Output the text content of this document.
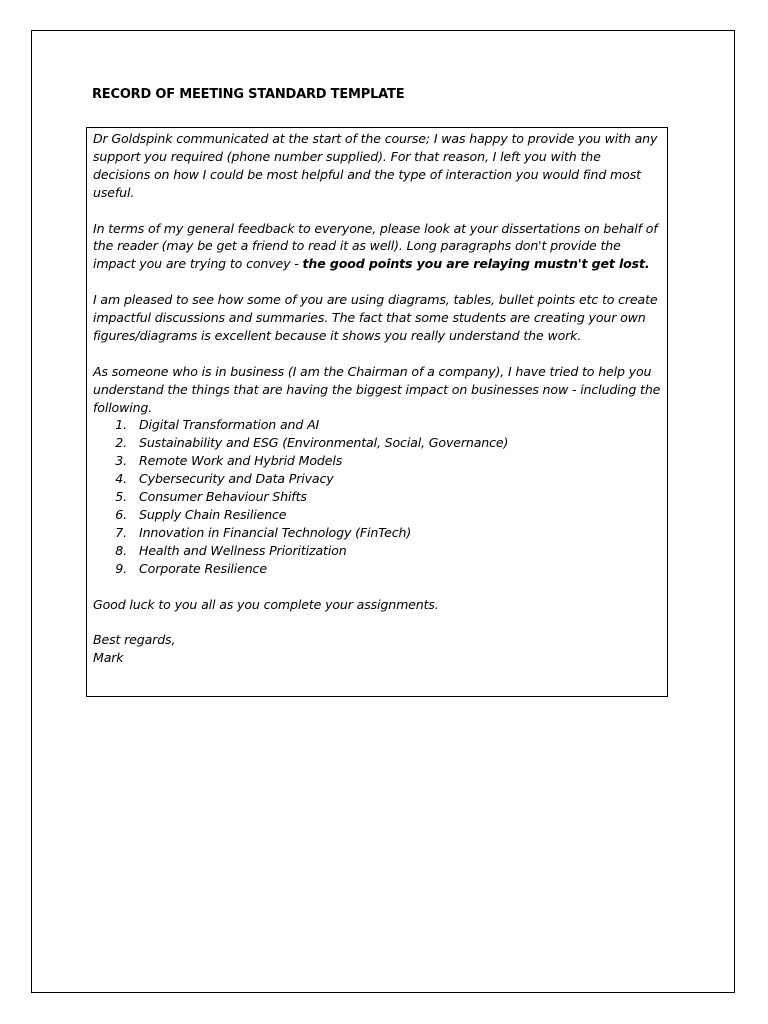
RECORD OF MEETING STANDARD TEMPLATE

Dr Goldspink communicated at the start of the course; I was happy to provide you with any support you required (phone number supplied). For that reason, I left you with the decisions on how I could be most helpful and the type of interaction you would find most useful.

In terms of my general feedback to everyone, please look at your dissertations on behalf of the reader (may be get a friend to read it as well). Long paragraphs don't provide the impact you are trying to convey - the good points you are relaying mustn't get lost.

I am pleased to see how some of you are using diagrams, tables, bullet points etc to create impactful discussions and summaries. The fact that some students are creating your own figures/diagrams is excellent because it shows you really understand the work.

As someone who is in business (I am the Chairman of a company), I have tried to help you understand the things that are having the biggest impact on businesses now - including the following.

1. Digital Transformation and AI
2. Sustainability and ESG (Environmental, Social, Governance)
3. Remote Work and Hybrid Models
4. Cybersecurity and Data Privacy
5. Consumer Behaviour Shifts
6. Supply Chain Resilience
7. Innovation in Financial Technology (FinTech)
8. Health and Wellness Prioritization
9. Corporate Resilience

Good luck to you all as you complete your assignments.

Best regards,

Mark
